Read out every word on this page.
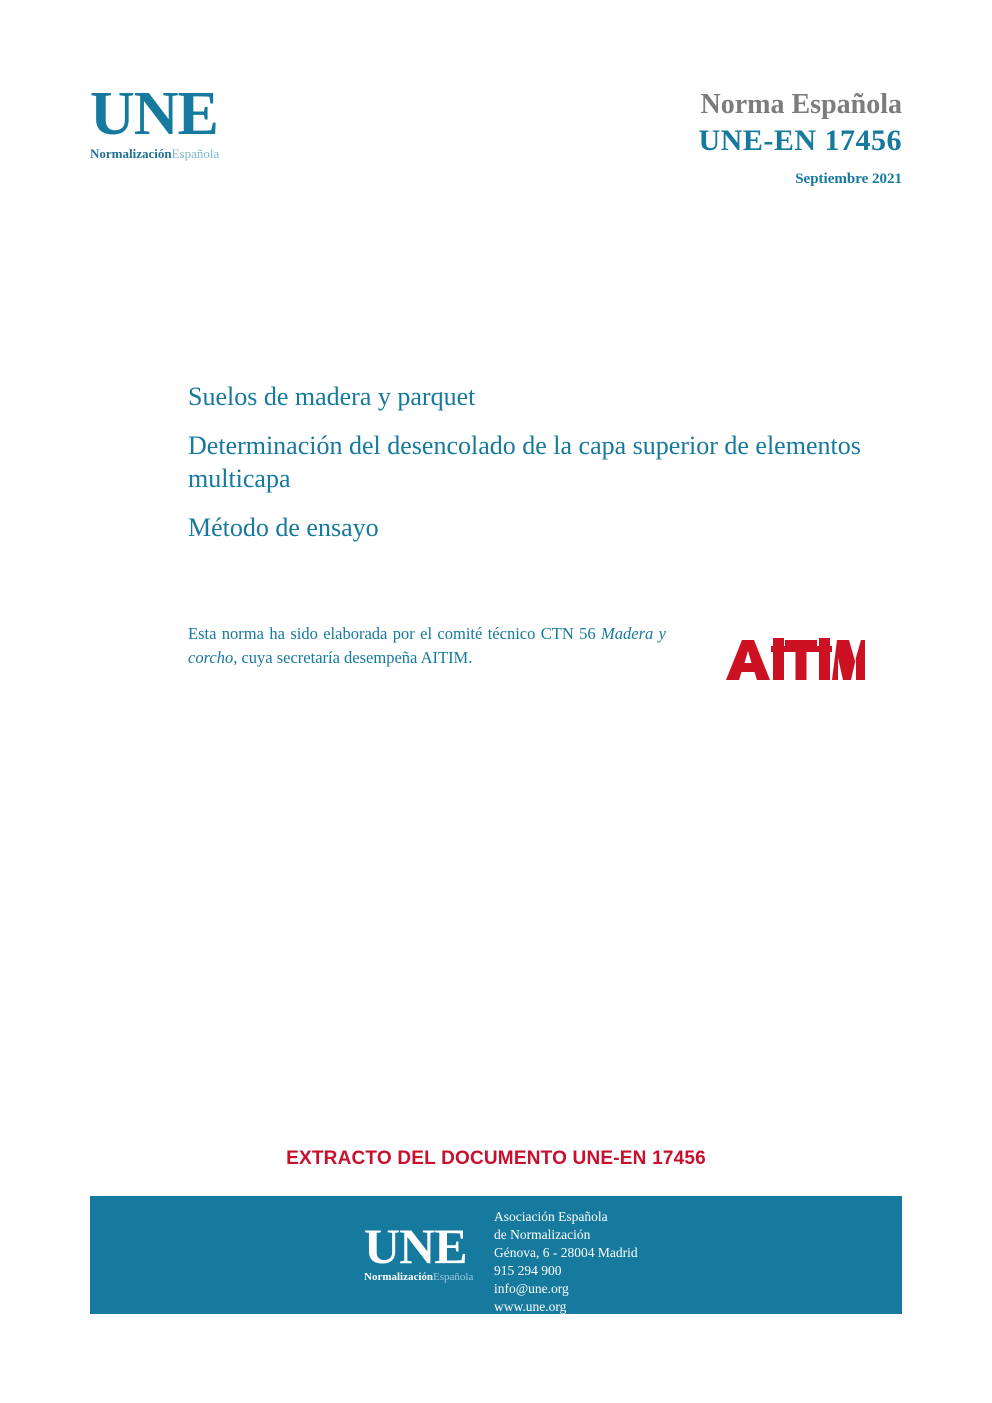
UNE
NormalizaciónEspañola
Norma Española
UNE-EN 17456
Septiembre 2021
Suelos de madera y parquet
Determinación del desencolado de la capa superior de elementos multicapa
Método de ensayo
Esta norma ha sido elaborada por el comité técnico CTN 56 Madera y corcho, cuya secretaría desempeña AITIM.
EXTRACTO DEL DOCUMENTO UNE-EN 17456
UNE
NormalizaciónEspañola
Asociación Española
de Normalización
Génova, 6 - 28004 Madrid
915 294 900
info@une.org
www.une.org
